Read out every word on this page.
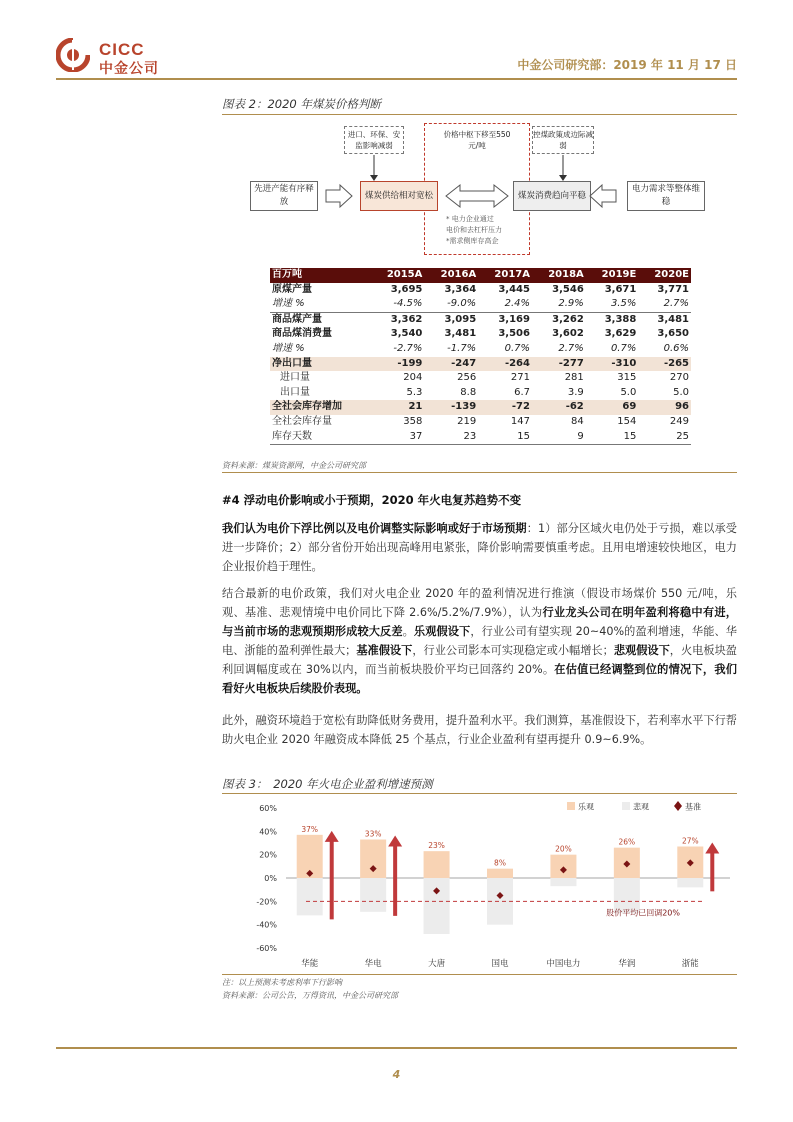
CICC
中金公司	中金公司研究部：2019 年 11 月 17 日
图表 2：2020 年煤炭价格判断
进口、环保、安监影响减弱
价格中枢下移至550元/吨
控煤政策成边际减弱
先进产能有序释放
煤炭供给相对宽松	煤炭消费趋向平稳
电力需求等整体维稳
* 电力企业通过
电价和去杠杆压力
*需求侧库存高企
百万吨	2015A	2016A	2017A	2018A	2019E	2020E
原煤产量	3,695	3,364	3,445	3,546	3,671	3,771
增速 %	-4.5%	-9.0%	2.4%	2.9%	3.5%	2.7%
商品煤产量	3,362	3,095	3,169	3,262	3,388	3,481
商品煤消费量	3,540	3,481	3,506	3,602	3,629	3,650
增速 %	-2.7%	-1.7%	0.7%	2.7%	0.7%	0.6%
净出口量	-199	-247	-264	-277	-310	-265
进口量	204	256	271	281	315	270
出口量	5.3	8.8	6.7	3.9	5.0	5.0
全社会库存增加	21	-139	-72	-62	69	96
全社会库存量	358	219	147	84	154	249
库存天数	37	23	15	9	15	25
资料来源：煤炭资源网，中金公司研究部
#4 浮动电价影响或小于预期，2020 年火电复苏趋势不变
我们认为电价下浮比例以及电价调整实际影响或好于市场预期：1）部分区域火电仍处于亏损，难以承受进一步降价；2）部分省份开始出现高峰用电紧张，降价影响需要慎重考虑。且用电增速较快地区，电力企业报价趋于理性。
结合最新的电价政策，我们对火电企业 2020 年的盈利情况进行推演（假设市场煤价 550 元/吨，乐观、基准、悲观情境中电价同比下降 2.6%/5.2%/7.9%），认为行业龙头公司在明年盈利将稳中有进，与当前市场的悲观预期形成较大反差。乐观假设下，行业公司有望实现 20~40%的盈利增速，华能、华电、浙能的盈利弹性最大；基准假设下，行业公司影本可实现稳定或小幅增长；悲观假设下，火电板块盈利回调幅度或在 30%以内，而当前板块股价平均已回落约 20%。在估值已经调整到位的情况下，我们看好火电板块后续股价表现。
此外，融资环境趋于宽松有助降低财务费用，提升盈利水平。我们测算，基准假设下，若利率水平下行帮助火电企业 2020 年融资成本降低 25 个基点，行业企业盈利有望再提升 0.9~6.9%。
图表 3：　2020 年火电企业盈利增速预测
60%
40%
20%
0%
-20%
-40%
-60%
37%
华能
33%
华电
23%
大唐
8%
国电
20%
中国电力
26%
华润
27%
浙能
股价平均已回调20%
乐观	悲观	基准
注：以上预测未考虑利率下行影响
资料来源：公司公告，万得资讯，中金公司研究部
4
